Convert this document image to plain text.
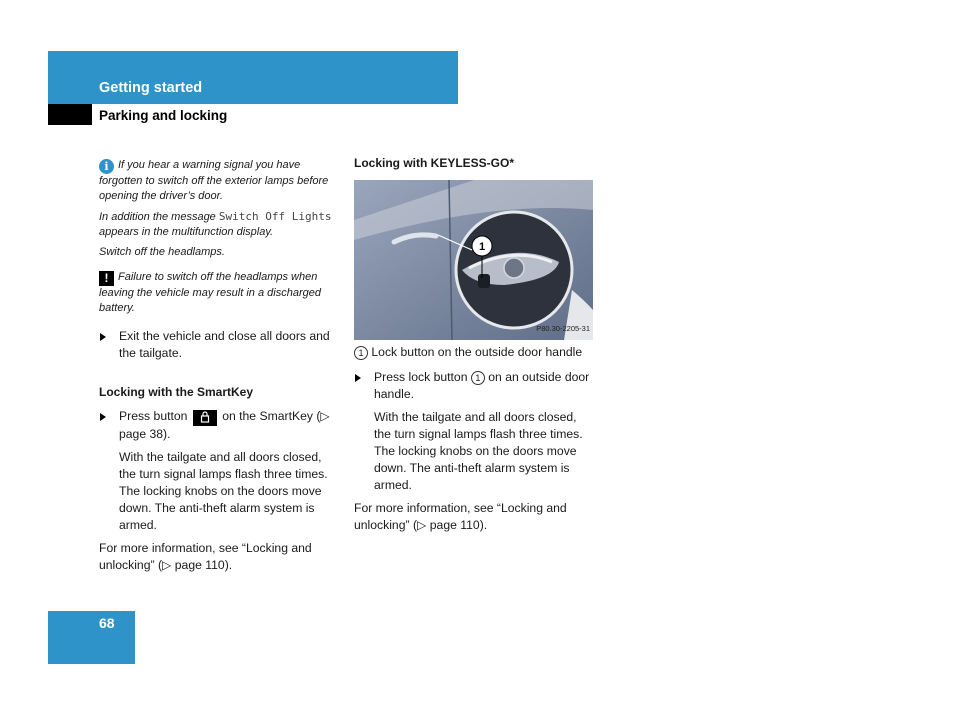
Getting started
Parking and locking

i If you hear a warning signal you have forgotten to switch off the exterior lamps before opening the driver’s door.

In addition the message Switch Off Lights appears in the multifunction display.

Switch off the headlamps.

! Failure to switch off the headlamps when leaving the vehicle may result in a discharged battery.

Exit the vehicle and close all doors and the tailgate.

Locking with the SmartKey

Press button  on the SmartKey (▷ page 38).

With the tailgate and all doors closed, the turn signal lamps flash three times. The locking knobs on the doors move down. The anti-theft alarm system is armed.

For more information, see “Locking and unlocking” (▷ page 110).

Locking with KEYLESS-GO*

1
P80.30-2205-31

1 Lock button on the outside door handle

Press lock button 1 on an outside door handle.

With the tailgate and all doors closed, the turn signal lamps flash three times. The locking knobs on the doors move down. The anti-theft alarm system is armed.

For more information, see “Locking and unlocking” (▷ page 110).

68
